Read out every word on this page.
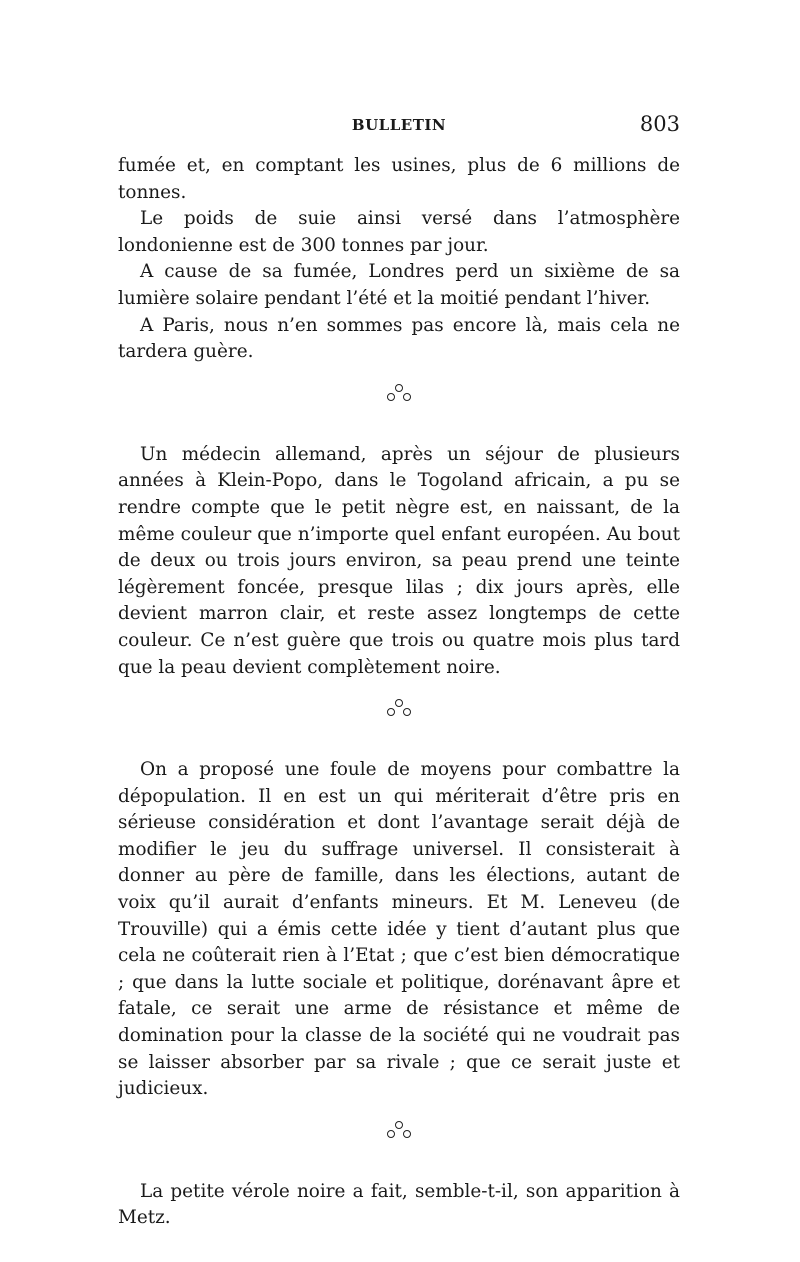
BULLETIN	803

fumée et, en comptant les usines, plus de 6 millions de tonnes.

Le poids de suie ainsi versé dans l’atmosphère londonienne est de 300 tonnes par jour.

A cause de sa fumée, Londres perd un sixième de sa lumière solaire pendant l’été et la moitié pendant l’hiver.

A Paris, nous n’en sommes pas encore là, mais cela ne tardera guère.

Un médecin allemand, après un séjour de plusieurs années à Klein-Popo, dans le Togoland africain, a pu se rendre compte que le petit nègre est, en naissant, de la même couleur que n’importe quel enfant européen. Au bout de deux ou trois jours environ, sa peau prend une teinte légèrement foncée, presque lilas ; dix jours après, elle devient marron clair, et reste assez longtemps de cette couleur. Ce n’est guère que trois ou quatre mois plus tard que la peau devient complètement noire.

On a proposé une foule de moyens pour combattre la dépopulation. Il en est un qui mériterait d’être pris en sérieuse considération et dont l’avantage serait déjà de modifier le jeu du suffrage universel. Il consisterait à donner au père de famille, dans les élections, autant de voix qu’il aurait d’enfants mineurs. Et M. Leneveu (de Trouville) qui a émis cette idée y tient d’autant plus que cela ne coûterait rien à l’Etat ; que c’est bien démocratique ; que dans la lutte sociale et politique, dorénavant âpre et fatale, ce serait une arme de résistance et même de domination pour la classe de la société qui ne voudrait pas se laisser absorber par sa rivale ; que ce serait juste et judicieux.

La petite vérole noire a fait, semble-t-il, son apparition à Metz.
